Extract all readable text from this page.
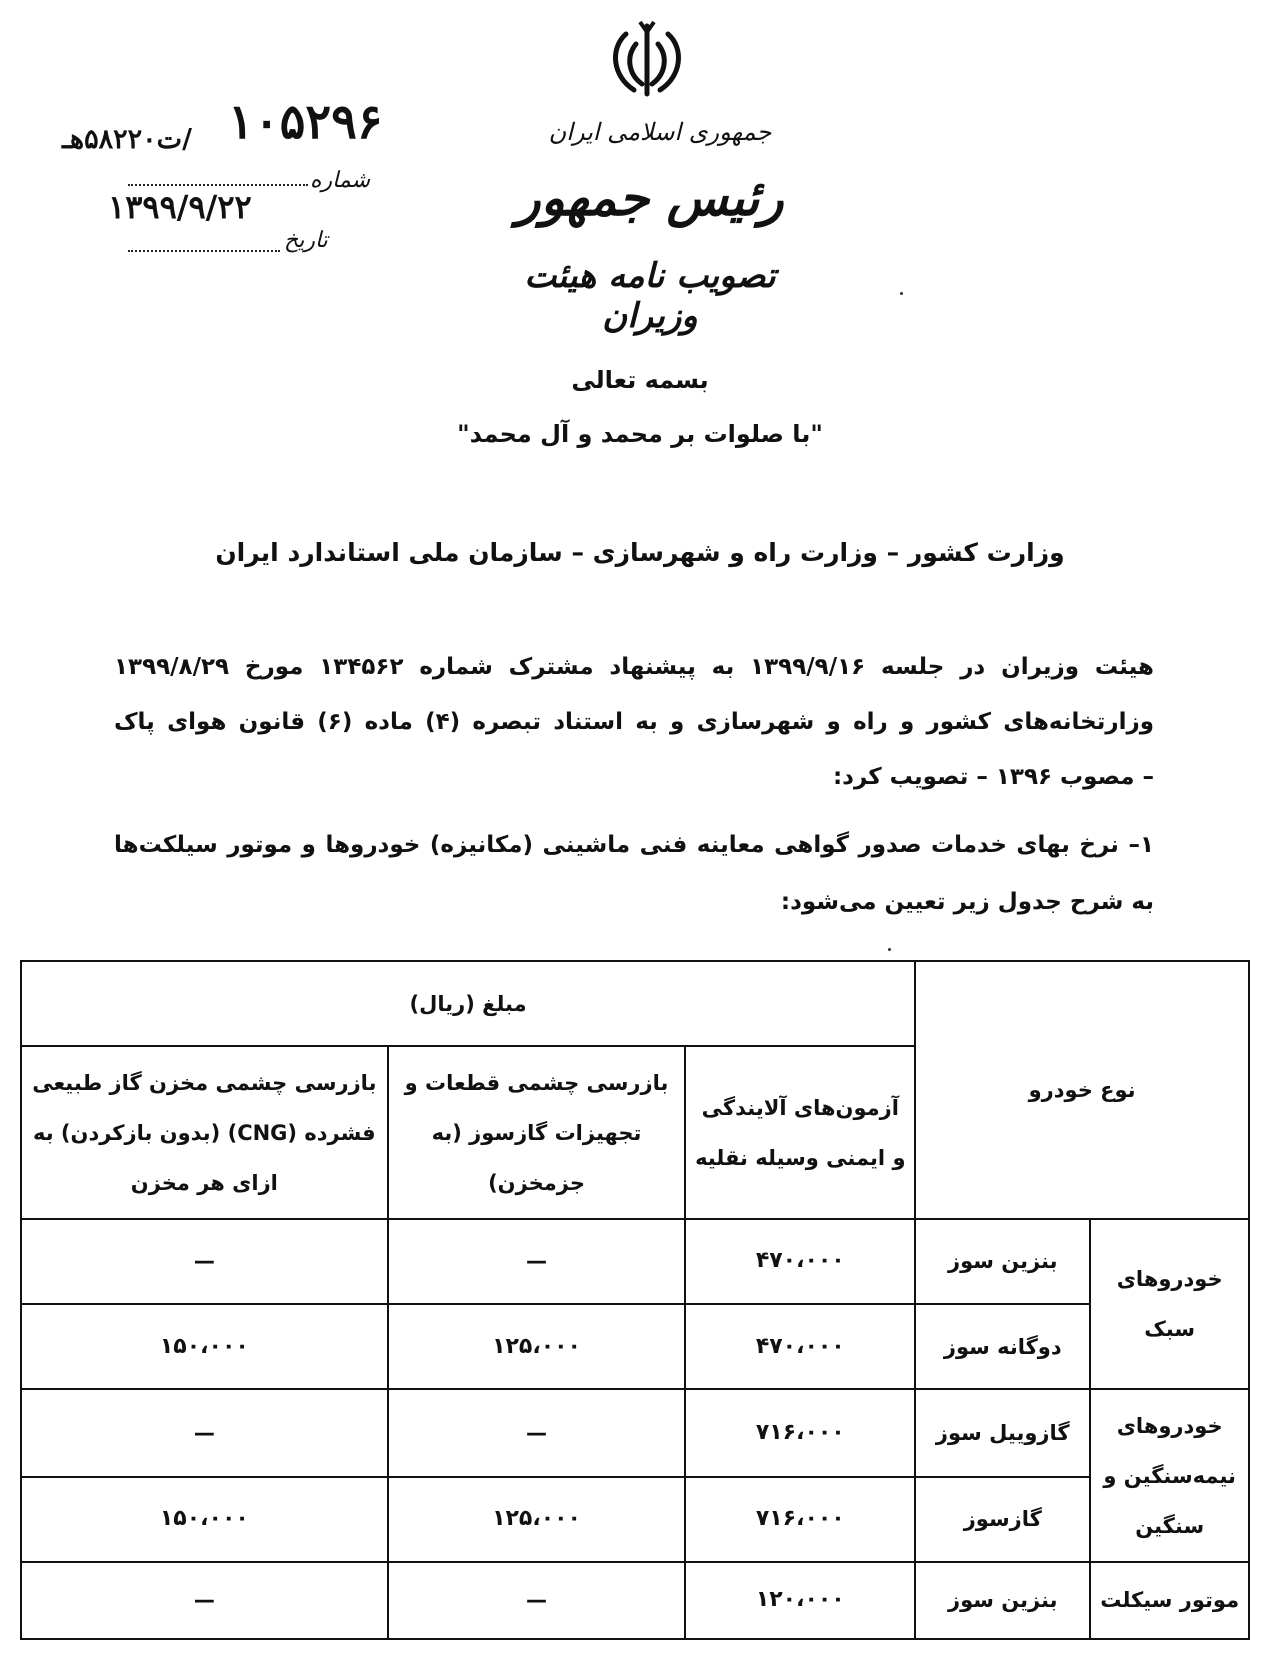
جمهوری اسلامی ایران
رئیس جمهور
تصویب نامه هیئت وزیران
۱۰۵۲۹۶
/ت۵۸۲۲۰هـ
شماره
۱۳۹۹/۹/۲۲
تاریخ
بسمه تعالی
"با صلوات بر محمد و آل محمد"
وزارت کشور – وزارت راه و شهرسازی – سازمان ملی استاندارد ایران
هیئت وزیران در جلسه ۱۳۹۹/۹/۱۶ به پیشنهاد مشترک شماره ۱۳۴۵۶۲ مورخ ۱۳۹۹/۸/۲۹ وزارتخانه‌های کشور و راه و شهرسازی و به استناد تبصره (۴) ماده (۶) قانون هوای پاک
– مصوب ۱۳۹۶ – تصویب کرد:
۱– نرخ بهای خدمات صدور گواهی معاینه فنی ماشینی (مکانیزه) خودروها و موتور سیلکت‌ها
به شرح جدول زیر تعیین می‌شود:
نوع خودرو		مبلغ (ریال)		
		آزمون‌های آلایندگی و ایمنی وسیله نقلیه	بازرسی چشمی قطعات و تجهیزات گازسوز (به جزمخزن)	بازرسی چشمی مخزن گاز طبیعی فشرده (CNG) (بدون بازکردن) به ازای هر مخزن
خودروهای سبک	بنزین سوز	۴۷۰،۰۰۰	—	—
	دوگانه سوز	۴۷۰،۰۰۰	۱۲۵،۰۰۰	۱۵۰،۰۰۰
خودروهای نیمه‌سنگین و سنگین	گازوییل سوز	۷۱۶،۰۰۰	—	—
	گازسوز	۷۱۶،۰۰۰	۱۲۵،۰۰۰	۱۵۰،۰۰۰
موتور سیکلت	بنزین سوز	۱۲۰،۰۰۰	—	—
